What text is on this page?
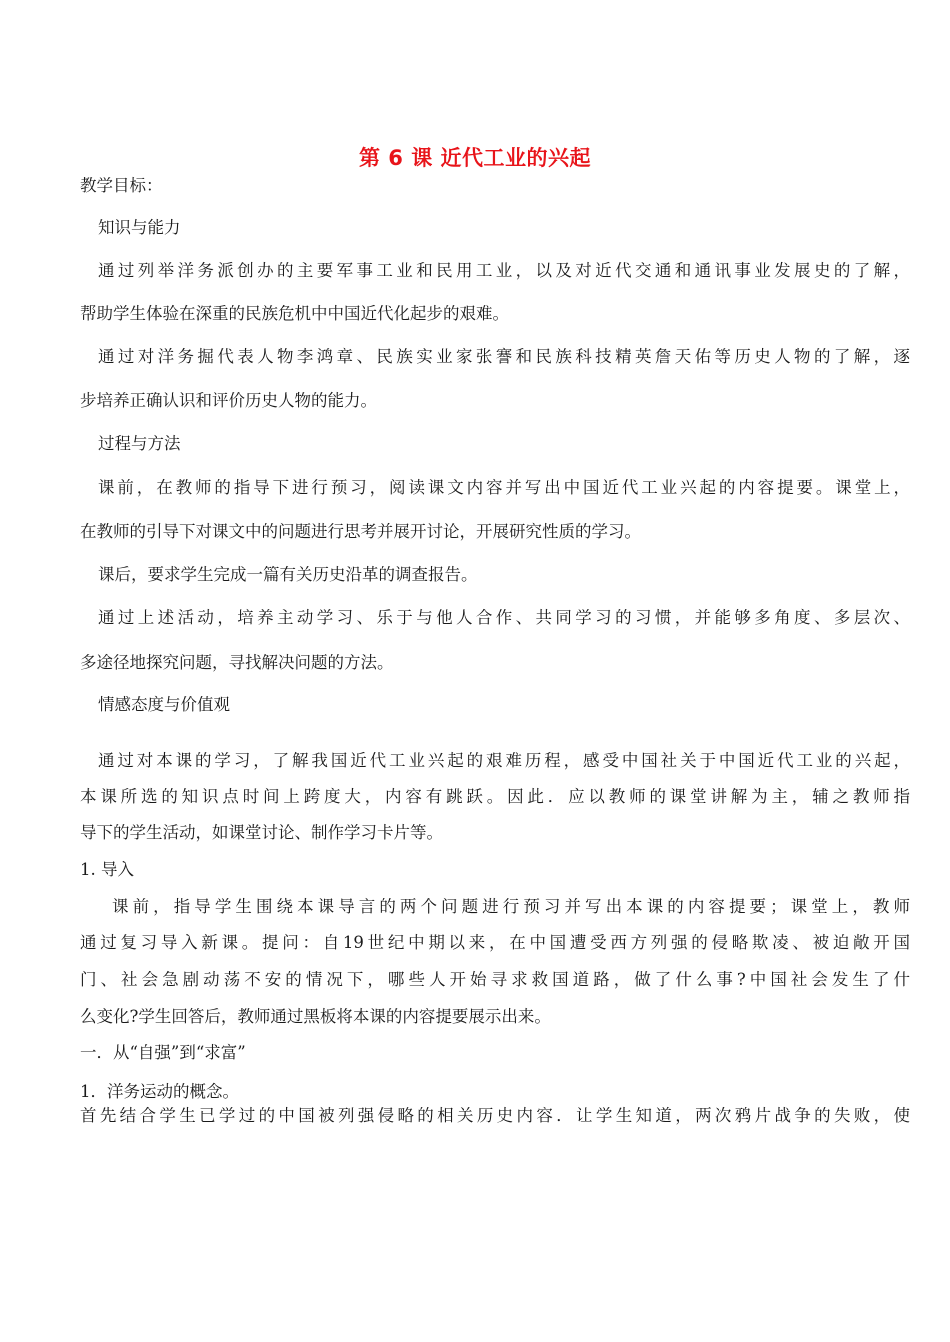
第 6 课 近代工业的兴起
教学目标：
知识与能力
通过列举洋务派创办的主要军事工业和民用工业，以及对近代交通和通讯事业发展史的了解，
帮助学生体验在深重的民族危机中中国近代化起步的艰难。
通过对洋务掘代表人物李鸿章、民族实业家张謇和民族科技精英詹天佑等历史人物的了解，逐
步培养正确认识和评价历史人物的能力。
过程与方法
课前，在教师的指导下进行预习，阅读课文内容并写出中国近代工业兴起的内容提要。课堂上，
在教师的引导下对课文中的问题进行思考并展开讨论，开展研究性质的学习。
课后，要求学生完成一篇有关历史沿革的调查报告。
通过上述活动，培养主动学习、乐于与他人合作、共同学习的习惯，并能够多角度、多层次、
多途径地探究问题，寻找解决问题的方法。
情感态度与价值观
通过对本课的学习，了解我国近代工业兴起的艰难历程，感受中国社关于中国近代工业的兴起，
本课所选的知识点时间上跨度大，内容有跳跃。因此．应以教师的课堂讲解为主，辅之教师指
导下的学生活动，如课堂讨论、制作学习卡片等。
1. 导入
课前，指导学生围绕本课导言的两个问题进行预习并写出本课的内容提要；课堂上，教师
通过复习导入新课。提问：自19世纪中期以来，在中国遭受西方列强的侵略欺凌、被迫敞开国
门、社会急剧动荡不安的情况下，哪些人开始寻求救国道路，做了什么事?中国社会发生了什
么变化?学生回答后，教师通过黑板将本课的内容提要展示出来。
一．从“自强”到“求富”
1．洋务运动的概念。
首先结合学生已学过的中国被列强侵略的相关历史内容．让学生知道，两次鸦片战争的失败，使
